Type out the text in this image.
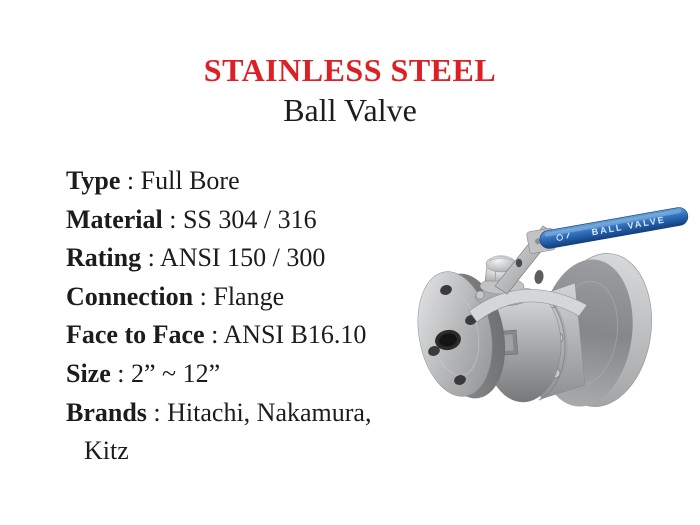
STAINLESS STEEL
Ball Valve
Type : Full Bore
Material : SS 304 / 316
Rating : ANSI 150 / 300
Connection : Flange
Face to Face : ANSI B16.10
Size : 2” ~ 12”
Brands : Hitachi, Nakamura,
Kitz
BALL VALVE
